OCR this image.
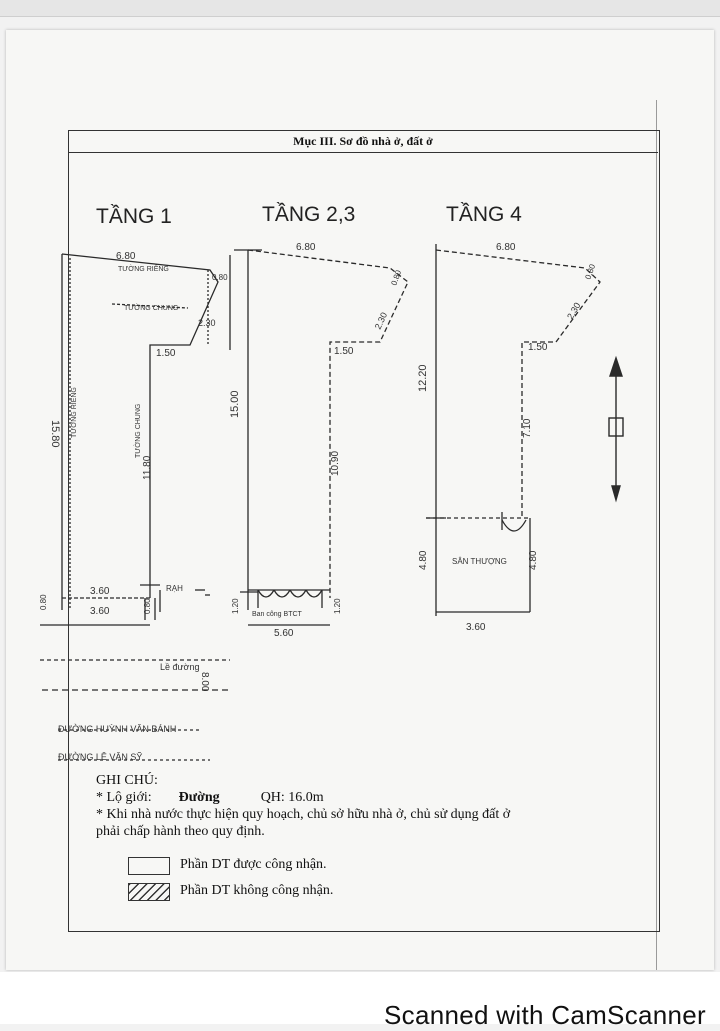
Mục III. Sơ đồ nhà ở, đất ở
TẦNG 1	TẦNG 2,3	TẦNG 4
6.80
TƯỜNG RIÊNG
TƯỜNG CHUNG
0.80
2.30
1.50
15.80 TƯỜNG RIÊNG	TƯỜNG CHUNG
11.80
3.60
3.60
RẠH
0.80	0.80
Lề đường
8.00
ĐƯỜNG HUỲNH VĂN BÁNH
ĐƯỜNG LÊ VĂN SỸ
6.80
0.80
2.30
1.50
15.00
10.90
Ban công BTCT
5.60
1.20	1.20
6.80
0.80
2.30
1.50
12.20
7.10
4.80	4.80
SÂN THƯỢNG
3.60
GHI CHÚ:
* Lộ giới: Đường	QH: 16.0m
* Khi nhà nước thực hiện quy hoạch, chủ sở hữu nhà ở, chủ sử dụng đất ở
phải chấp hành theo quy định.
Phần DT được công nhận.
Phần DT không công nhận.
Scanned with CamScanner
